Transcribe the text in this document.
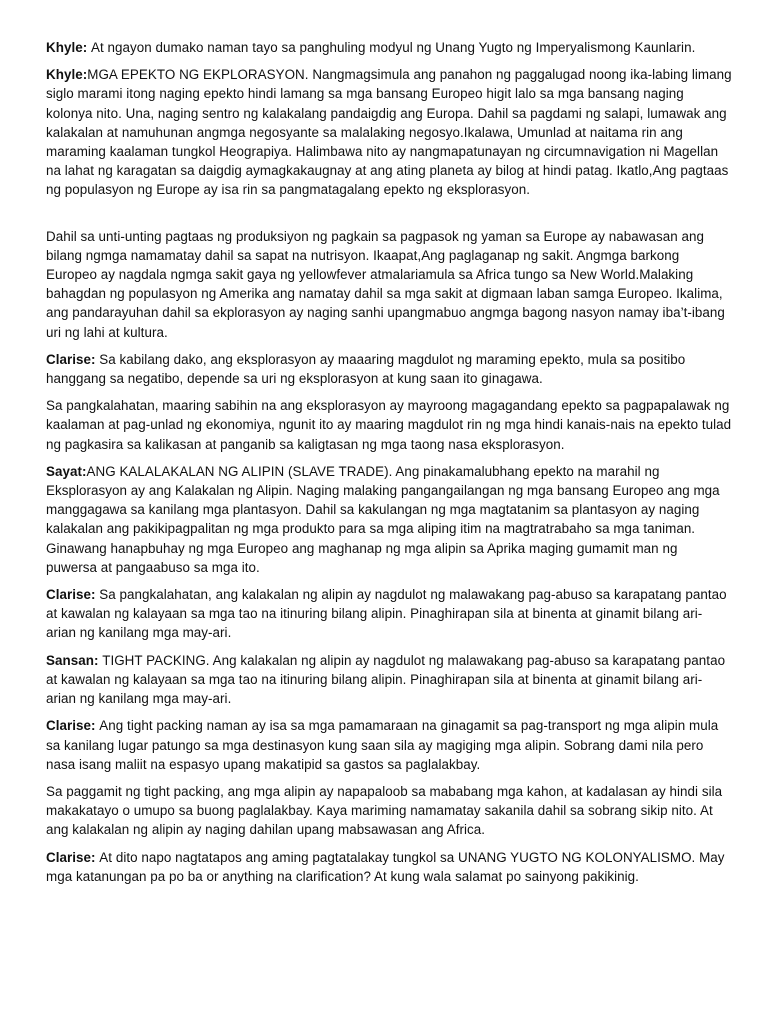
Khyle: At ngayon dumako naman tayo sa panghuling modyul ng Unang Yugto ng Imperyalismong Kaunlarin.

Khyle:MGA EPEKTO NG EKPLORASYON. Nangmagsimula ang panahon ng paggalugad noong ika-labing limang siglo marami itong naging epekto hindi lamang sa mga bansang Europeo higit lalo sa mga bansang naging kolonya nito. Una, naging sentro ng kalakalang pandaigdig ang Europa. Dahil sa pagdami ng salapi, lumawak ang kalakalan at namuhunan angmga negosyante sa malalaking negosyo.Ikalawa, Umunlad at naitama rin ang maraming kaalaman tungkol Heograpiya. Halimbawa nito ay nangmapatunayan ng circumnavigation ni Magellan na lahat ng karagatan sa daigdig aymagkakaugnay at ang ating planeta ay bilog at hindi patag. Ikatlo,Ang pagtaas ng populasyon ng Europe ay isa rin sa pangmatagalang epekto ng eksplorasyon.

Dahil sa unti-unting pagtaas ng produksiyon ng pagkain sa pagpasok ng yaman sa Europe ay nabawasan ang bilang ngmga namamatay dahil sa sapat na nutrisyon. Ikaapat,Ang paglaganap ng sakit. Angmga barkong Europeo ay nagdala ngmga sakit gaya ng yellowfever atmalariamula sa Africa tungo sa New World.Malaking bahagdan ng populasyon ng Amerika ang namatay dahil sa mga sakit at digmaan laban samga Europeo. Ikalima, ang pandarayuhan dahil sa ekplorasyon ay naging sanhi upangmabuo angmga bagong nasyon namay iba’t-ibang uri ng lahi at kultura.

Clarise: Sa kabilang dako, ang eksplorasyon ay maaaring magdulot ng maraming epekto, mula sa positibo hanggang sa negatibo, depende sa uri ng eksplorasyon at kung saan ito ginagawa.

Sa pangkalahatan, maaring sabihin na ang eksplorasyon ay mayroong magagandang epekto sa pagpapalawak ng kaalaman at pag-unlad ng ekonomiya, ngunit ito ay maaring magdulot rin ng mga hindi kanais-nais na epekto tulad ng pagkasira sa kalikasan at panganib sa kaligtasan ng mga taong nasa eksplorasyon.

Sayat:ANG KALALAKALAN NG ALIPIN (SLAVE TRADE). Ang pinakamalubhang epekto na marahil ng Eksplorasyon ay ang Kalakalan ng Alipin. Naging malaking pangangailangan ng mga bansang Europeo ang mga manggagawa sa kanilang mga plantasyon. Dahil sa kakulangan ng mga magtatanim sa plantasyon ay naging kalakalan ang pakikipagpalitan ng mga produkto para sa mga aliping itim na magtratrabaho sa mga taniman. Ginawang hanapbuhay ng mga Europeo ang maghanap ng mga alipin sa Aprika maging gumamit man ng puwersa at pangaabuso sa mga ito.

Clarise: Sa pangkalahatan, ang kalakalan ng alipin ay nagdulot ng malawakang pag-abuso sa karapatang pantao at kawalan ng kalayaan sa mga tao na itinuring bilang alipin. Pinaghirapan sila at binenta at ginamit bilang ari-arian ng kanilang mga may-ari.

Sansan: TIGHT PACKING. Ang kalakalan ng alipin ay nagdulot ng malawakang pag-abuso sa karapatang pantao at kawalan ng kalayaan sa mga tao na itinuring bilang alipin. Pinaghirapan sila at binenta at ginamit bilang ari-arian ng kanilang mga may-ari.

Clarise: Ang tight packing naman ay isa sa mga pamamaraan na ginagamit sa pag-transport ng mga alipin mula sa kanilang lugar patungo sa mga destinasyon kung saan sila ay magiging mga alipin. Sobrang dami nila pero nasa isang maliit na espasyo upang makatipid sa gastos sa paglalakbay.

Sa paggamit ng tight packing, ang mga alipin ay napapaloob sa mababang mga kahon, at kadalasan ay hindi sila makakatayo o umupo sa buong paglalakbay. Kaya mariming namamatay sakanila dahil sa sobrang sikip nito. At ang kalakalan ng alipin ay naging dahilan upang mabsawasan ang Africa.

Clarise: At dito napo nagtatapos ang aming pagtatalakay tungkol sa UNANG YUGTO NG KOLONYALISMO. May mga katanungan pa po ba or anything na clarification? At kung wala salamat po sainyong pakikinig.
